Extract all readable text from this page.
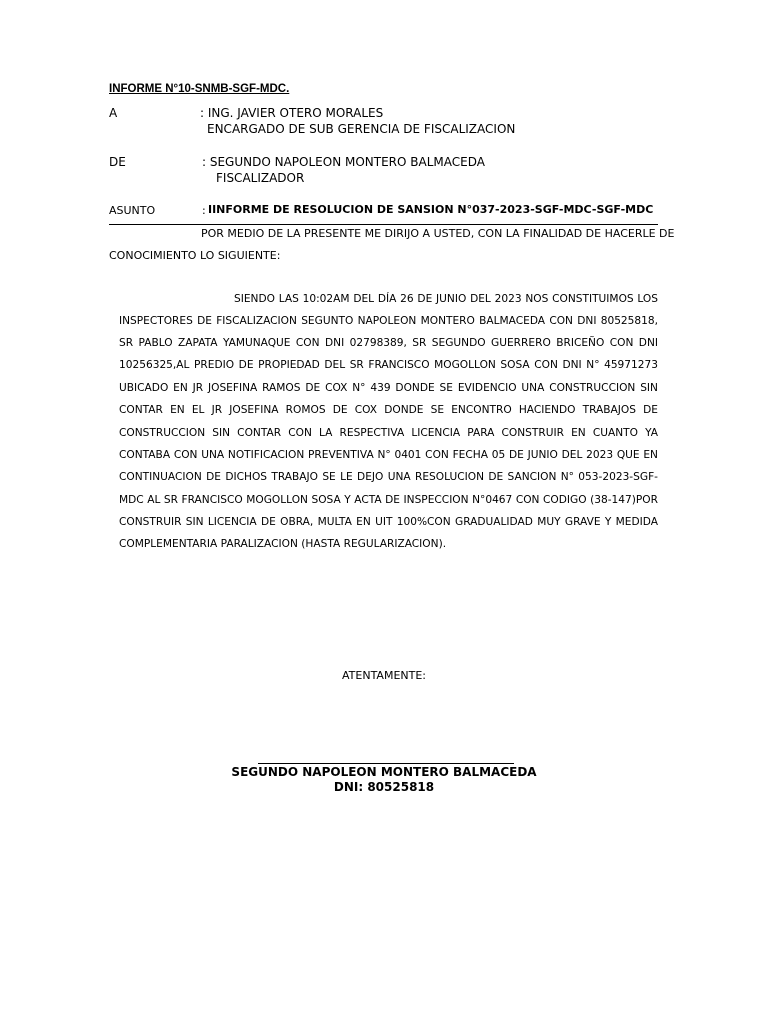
INFORME N°10-SNMB-SGF-MDC.
A	: ING. JAVIER OTERO MORALES
ENCARGADO DE SUB GERENCIA DE FISCALIZACION
DE	: SEGUNDO NAPOLEON MONTERO BALMACEDA
FISCALIZADOR
ASUNTO	: IINFORME DE RESOLUCION DE SANSION N°037-2023-SGF-MDC-SGF-MDC
POR MEDIO DE LA PRESENTE ME DIRIJO A USTED, CON LA FINALIDAD DE HACERLE DE
CONOCIMIENTO LO SIGUIENTE:
SIENDO LAS 10:02AM DEL DÍA 26 DE JUNIO DEL 2023 NOS CONSTITUIMOS LOS
INSPECTORES DE FISCALIZACION SEGUNTO NAPOLEON MONTERO BALMACEDA CON DNI 80525818,
SR PABLO ZAPATA YAMUNAQUE CON DNI 02798389, SR SEGUNDO GUERRERO BRICEÑO CON DNI
10256325,AL PREDIO DE PROPIEDAD DEL SR FRANCISCO MOGOLLON SOSA CON DNI N° 45971273
UBICADO EN JR JOSEFINA RAMOS DE COX N° 439 DONDE SE EVIDENCIO UNA CONSTRUCCION SIN
CONTAR EN EL JR JOSEFINA ROMOS DE COX DONDE SE ENCONTRO HACIENDO TRABAJOS DE
CONSTRUCCION SIN CONTAR CON LA RESPECTIVA LICENCIA PARA CONSTRUIR EN CUANTO YA
CONTABA CON UNA NOTIFICACION PREVENTIVA N° 0401 CON FECHA 05 DE JUNIO DEL 2023 QUE EN
CONTINUACION DE DICHOS TRABAJO SE LE DEJO UNA RESOLUCION DE SANCION N° 053-2023-SGF-
MDC AL SR FRANCISCO MOGOLLON SOSA Y ACTA DE INSPECCION N°0467 CON CODIGO (38-147)POR
CONSTRUIR SIN LICENCIA DE OBRA, MULTA EN UIT 100%CON GRADUALIDAD MUY GRAVE Y MEDIDA
COMPLEMENTARIA PARALIZACION (HASTA REGULARIZACION).
ATENTAMENTE:
SEGUNDO NAPOLEON MONTERO BALMACEDA
DNI: 80525818
